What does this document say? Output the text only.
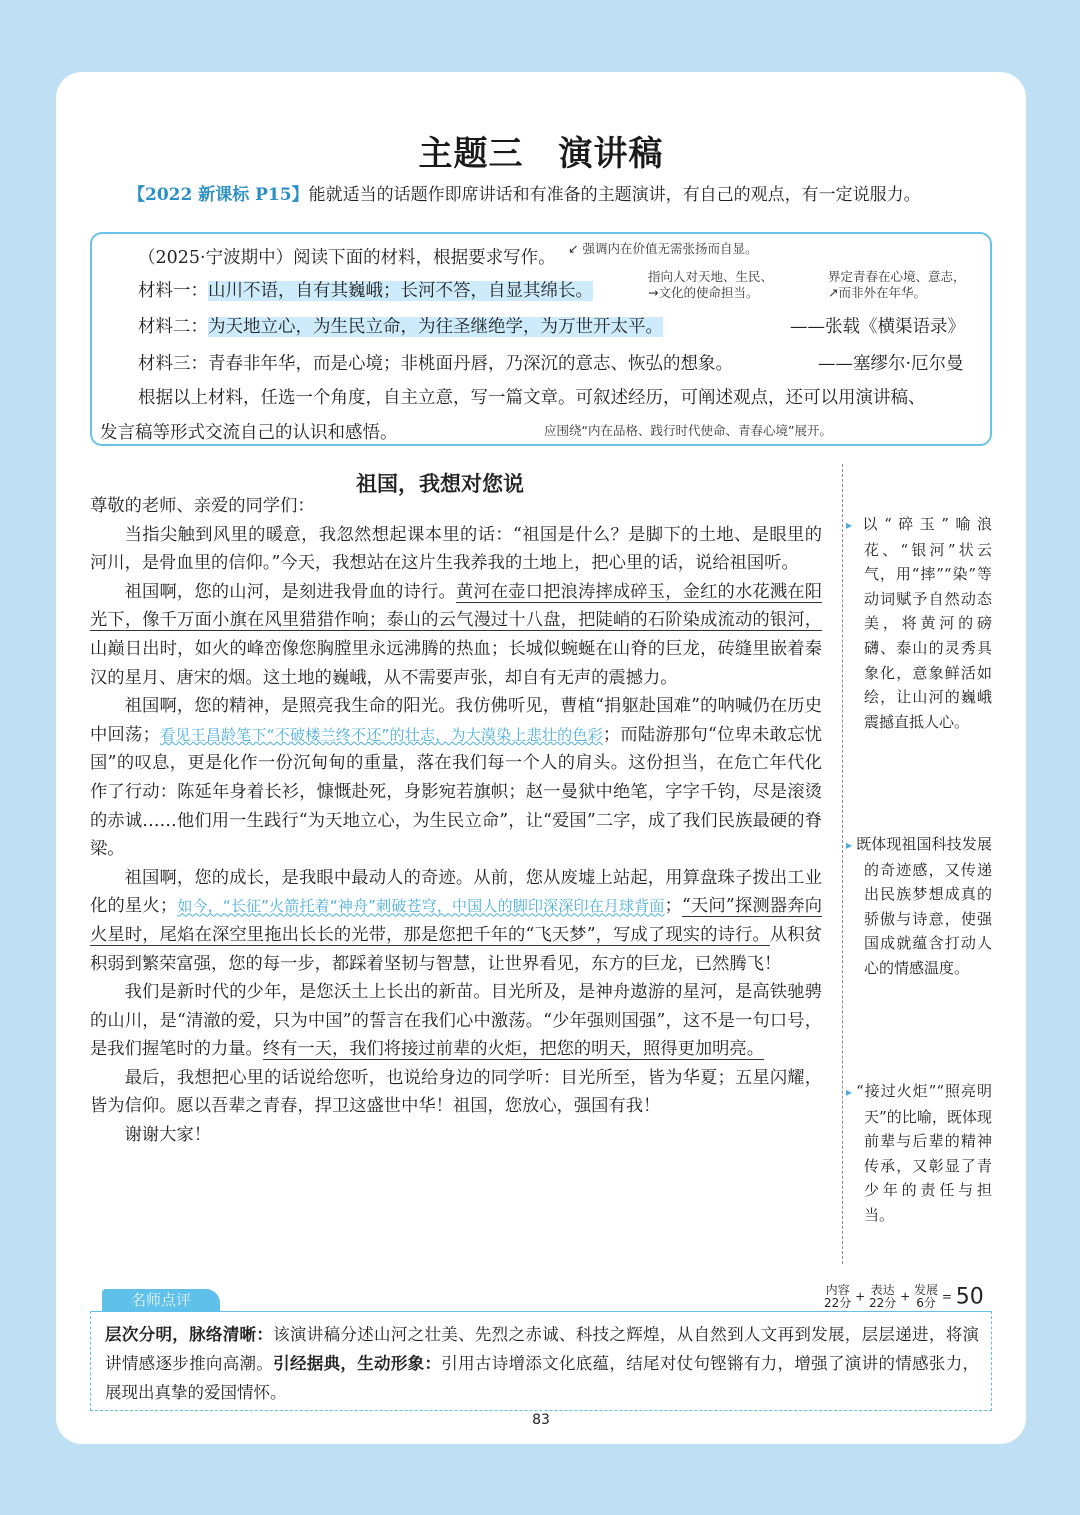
主题三　演讲稿
【2022 新课标 P15】能就适当的话题作即席讲话和有准备的主题演讲，有自己的观点，有一定说服力。
（2025·宁波期中）阅读下面的材料，根据要求写作。 ↙ 强调内在价值无需张扬而自显。
材料一：山川不语，自有其巍峨；长河不答，自显其绵长。
指向人对天地、生民、
→文化的使命担当。
界定青春在心境、意志，
↗而非外在年华。
材料二：为天地立心，为生民立命，为往圣继绝学，为万世开太平。	——张载《横渠语录》
材料三：青春非年华，而是心境；非桃面丹唇，乃深沉的意志、恢弘的想象。	——塞缪尔·厄尔曼
根据以上材料，任选一个角度，自主立意，写一篇文章。可叙述经历，可阐述观点，还可以用演讲稿、
发言稿等形式交流自己的认识和感悟。	应围绕“内在品格、践行时代使命、青春心境”展开。
祖国，我想对您说

尊敬的老师、亲爱的同学们：

当指尖触到风里的暖意，我忽然想起课本里的话：“祖国是什么？是脚下的土地、是眼里的河川，是骨血里的信仰。”今天，我想站在这片生我养我的土地上，把心里的话，说给祖国听。

祖国啊，您的山河，是刻进我骨血的诗行。黄河在壶口把浪涛摔成碎玉，金红的水花溅在阳光下，像千万面小旗在风里猎猎作响；泰山的云气漫过十八盘，把陡峭的石阶染成流动的银河，山巅日出时，如火的峰峦像您胸膛里永远沸腾的热血；长城似蜿蜒在山脊的巨龙，砖缝里嵌着秦汉的星月、唐宋的烟。这土地的巍峨，从不需要声张，却自有无声的震撼力。

祖国啊，您的精神，是照亮我生命的阳光。我仿佛听见，曹植“捐躯赴国难”的呐喊仍在历史中回荡；看见王昌龄笔下“不破楼兰终不还”的壮志，为大漠染上悲壮的色彩；而陆游那句“位卑未敢忘忧国”的叹息，更是化作一份沉甸甸的重量，落在我们每一个人的肩头。这份担当，在危亡年代化作了行动：陈延年身着长衫，慷慨赴死，身影宛若旗帜；赵一曼狱中绝笔，字字千钧，尽是滚烫的赤诚……他们用一生践行“为天地立心，为生民立命”，让“爱国”二字，成了我们民族最硬的脊梁。

祖国啊，您的成长，是我眼中最动人的奇迹。从前，您从废墟上站起，用算盘珠子拨出工业化的星火；如今，“长征”火箭托着“神舟”刺破苍穹，中国人的脚印深深印在月球背面；“天问”探测器奔向火星时，尾焰在深空里拖出长长的光带，那是您把千年的“飞天梦”，写成了现实的诗行。从积贫积弱到繁荣富强，您的每一步，都踩着坚韧与智慧，让世界看见，东方的巨龙，已然腾飞！

我们是新时代的少年，是您沃土上长出的新苗。目光所及，是神舟遨游的星河，是高铁驰骋的山川，是“清澈的爱，只为中国”的誓言在我们心中激荡。“少年强则国强”，这不是一句口号，是我们握笔时的力量。终有一天，我们将接过前辈的火炬，把您的明天，照得更加明亮。

最后，我想把心里的话说给您听，也说给身边的同学听：目光所至，皆为华夏；五星闪耀，皆为信仰。愿以吾辈之青春，捍卫这盛世中华！祖国，您放心，强国有我！

谢谢大家！

▸ 以“碎玉”喻浪花、“银河”状云气，用“摔”“染”等动词赋予自然动态美，将黄河的磅礴、泰山的灵秀具象化，意象鲜活如绘，让山河的巍峨震撼直抵人心。
▸ 既体现祖国科技发展的奇迹感，又传递出民族梦想成真的骄傲与诗意，使强国成就蕴含打动人心的情感温度。
▸ “接过火炬”“照亮明天”的比喻，既体现前辈与后辈的精神传承，又彰显了青少年的责任与担当。
名师点评
内容
22分 + 表达
22分 + 发展
6分 = 50
层次分明，脉络清晰：该演讲稿分述山河之壮美、先烈之赤诚、科技之辉煌，从自然到人文再到发展，层层递进，将演讲情感逐步推向高潮。引经据典，生动形象：引用古诗增添文化底蕴，结尾对仗句铿锵有力，增强了演讲的情感张力，展现出真挚的爱国情怀。
83
